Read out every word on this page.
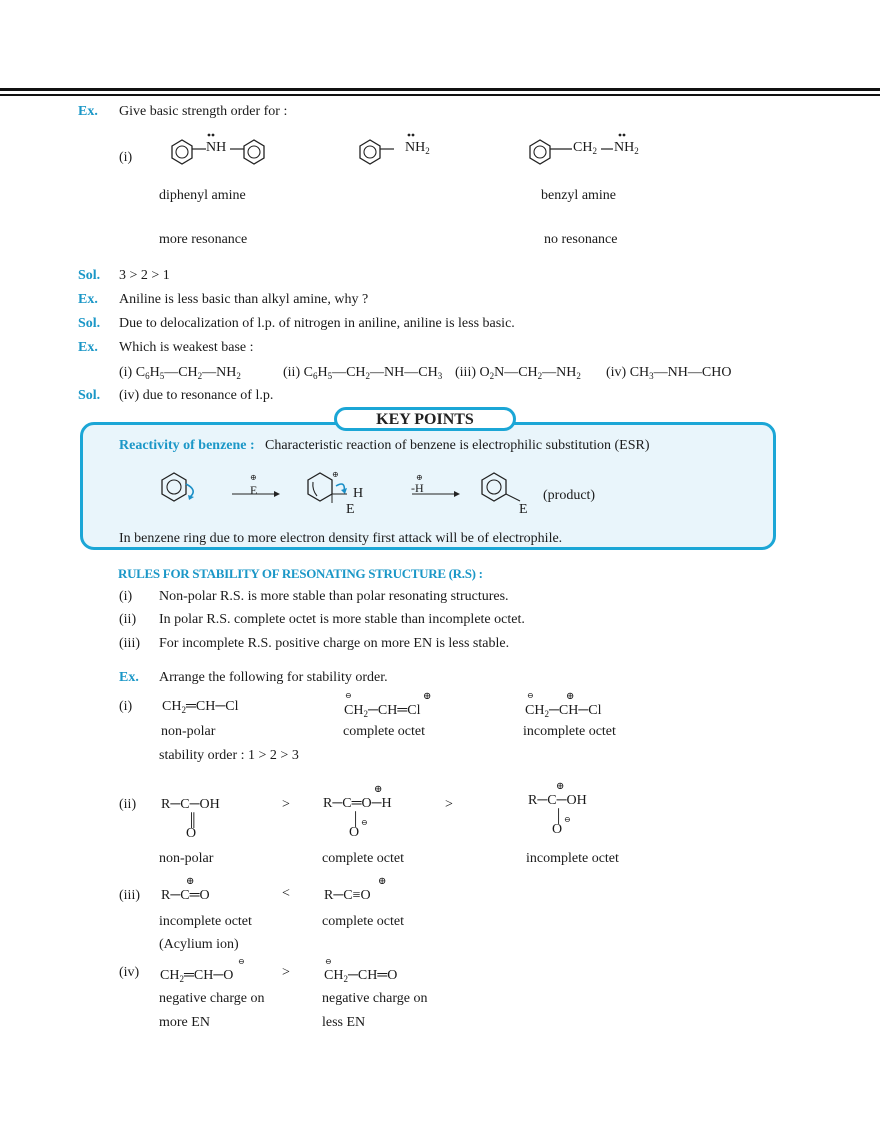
Ex. Give basic strength order for :
(i)
NH	$NH_2$	$CH_2$ $NH_2$
diphenyl amine	benzyl amine
more resonance	no resonance
Sol. 3 > 2 > 1
Ex. Aniline is less basic than alkyl amine, why ?
Sol. Due to delocalization of l.p. of nitrogen in aniline, aniline is less basic.
Ex. Which is weakest base :
(i) $C_6H_5—CH_2—NH_2$	(ii) $C_6H_5—CH_2—NH—CH_3$ (iii) $O_2N—CH_2—NH_2$ (iv) $CH_3—NH—CHO$
Sol. (iv) due to resonance of l.p.
KEY POINTS
Reactivity of benzene : Characteristic reaction of benzene is electrophilic substitution (ESR)
⊕	⊕	⊕
E	-H
H
E	E
(product)
In benzene ring due to more electron density first attack will be of electrophile.
RULES FOR STABILITY OF RESONATING STRUCTURE (R.S) :
(i) Non-polar R.S. is more stable than polar resonating structures.
(ii) In polar R.S. complete octet is more stable than incomplete octet.
(iii) For incomplete R.S. positive charge on more EN is less stable.
Ex. Arrange the following for stability order.
(i) $CH_2═CH─Cl$	$CH_2─CH═Cl$
⊖	⊕
$CH_2─CH─Cl$
⊖	⊕
non-polar	complete octet	incomplete octet
stability order : 1 > 2 > 3
(ii) R─C─OH
║
O
> R─C═O─H
⊕
│
O
⊖
>	R─C─OH
⊕
│
O
⊖
non-polar	complete octet	incomplete octet
(iii) R─C═O
⊕
< R─C≡O
⊕
incomplete octet	complete octet
(Acylium ion)
(iv) $CH_2═CH─O$
⊖
> $CH_2─CH═O$
⊖
negative charge on	negative charge on
more EN	less EN
